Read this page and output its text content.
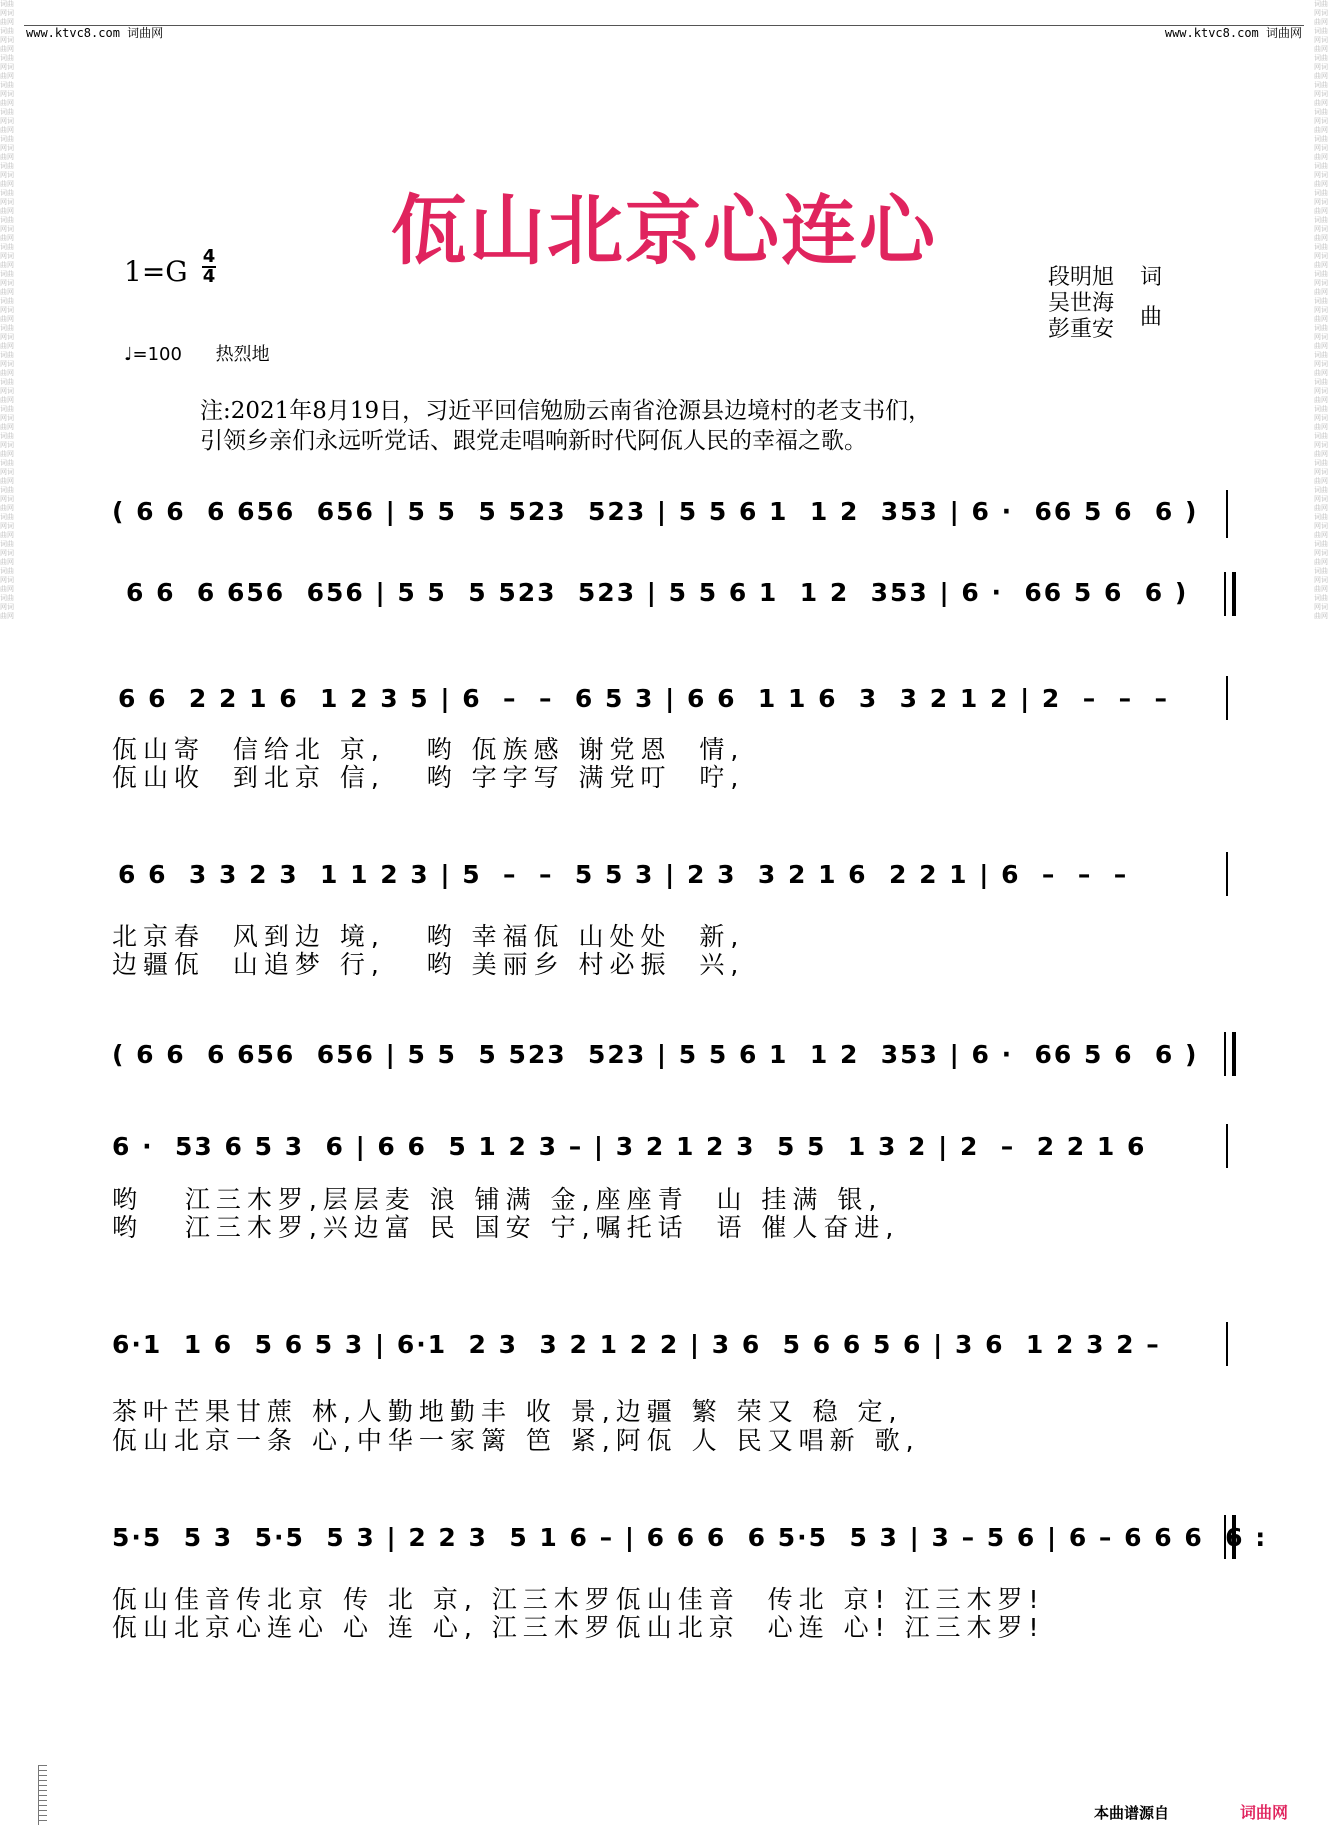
词曲网词曲网词曲网词曲网词曲网词曲网词曲网词曲网词曲网词曲网词曲网词曲网词曲网词曲网词曲网词曲网词曲网词曲网词曲网词曲网词曲网词曲网词曲网词曲网词曲网词曲网词曲网词曲网词曲网词曲网词曲网词曲网词曲网词曲网词曲网词曲网词曲网词曲网词曲网词曲网词曲网词曲网词曲网词曲网词曲网词曲网
词曲网词曲网词曲网词曲网词曲网词曲网词曲网词曲网词曲网词曲网词曲网词曲网词曲网词曲网词曲网词曲网词曲网词曲网词曲网词曲网词曲网词曲网词曲网词曲网词曲网词曲网词曲网词曲网词曲网词曲网词曲网词曲网词曲网词曲网词曲网词曲网词曲网词曲网词曲网词曲网词曲网词曲网词曲网词曲网词曲网词曲网
www.ktvc8.com 词曲网	www.ktvc8.com 词曲网
佤山北京心连心
1=G 4
4
♩=100 热烈地
段明旭 词
吴世海
彭重安 曲
注:2021年8月19日，习近平回信勉励云南省沧源县边境村的老支书们，
引领乡亲们永远听党话、跟党走唱响新时代阿佤人民的幸福之歌。
( 6 6  6 656  656 | 5 5  5 523  523 | 5 5 6 1  1 2  353 | 6 ·  66 5 6  6 )
6 6  6 656  656 | 5 5  5 523  523 | 5 5 6 1  1 2  353 | 6 ·  66 5 6  6 )
6 6  2 2 1 6  1 2 3 5 | 6  –  –  6 5 3 | 6 6  1 1 6  3  3 2 1 2 | 2  –  –  –
佤山寄  信给北 京,   哟 佤族感 谢党恩  情,
佤山收  到北京 信,   哟 字字写 满党叮  咛,
6 6  3 3 2 3  1 1 2 3 | 5  –  –  5 5 3 | 2 3  3 2 1 6  2 2 1 | 6  –  –  –
北京春  风到边 境,   哟 幸福佤 山处处  新,
边疆佤  山追梦 行,   哟 美丽乡 村必振  兴,
( 6 6  6 656  656 | 5 5  5 523  523 | 5 5 6 1  1 2  353 | 6 ·  66 5 6  6 )
6 ·  53 6 5 3  6 | 6 6  5 1 2 3 – | 3 2 1 2 3  5 5  1 3 2 | 2  –  2 2 1 6
哟   江三木罗,层层麦 浪 铺满 金,座座青  山 挂满 银,
哟   江三木罗,兴边富 民 国安 宁,嘱托话  语 催人奋进,
6·1  1 6  5 6 5 3 | 6·1  2 3  3 2 1 2 2 | 3 6  5 6 6 5 6 | 3 6  1 2 3 2 –
茶叶芒果甘蔗 林,人勤地勤丰 收 景,边疆 繁 荣又 稳 定,
佤山北京一条 心,中华一家篱 笆 紧,阿佤 人 民又唱新 歌,
5·5  5 3  5·5  5 3 | 2 2 3  5 1 6 – | 6 6 6  6 5·5  5 3 | 3 – 5 6 | 6 – 6 6 6  6 :
佤山佳音传北京 传 北 京, 江三木罗佤山佳音  传北 京! 江三木罗!
佤山北京心连心 心 连 心, 江三木罗佤山北京  心连 心! 江三木罗!
本曲谱源自	词曲网
